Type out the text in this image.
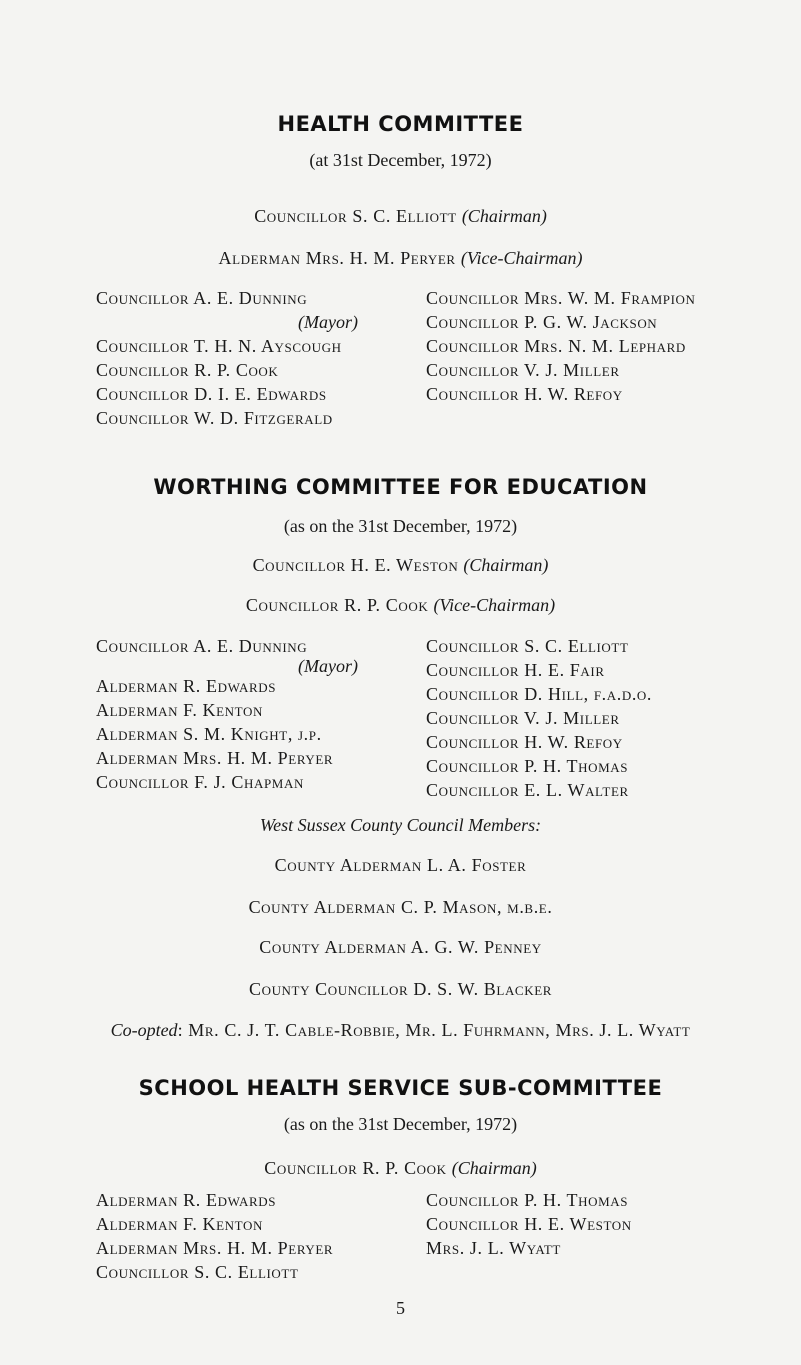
HEALTH COMMITTEE
(at 31st December, 1972)
Councillor S. C. Elliott (Chairman)
Alderman Mrs. H. M. Peryer (Vice-Chairman)
Councillor A. E. Dunning
(Mayor)
Councillor T. H. N. Ayscough
Councillor R. P. Cook
Councillor D. I. E. Edwards
Councillor W. D. Fitzgerald
Councillor Mrs. W. M. Frampion
Councillor P. G. W. Jackson
Councillor Mrs. N. M. Lephard
Councillor V. J. Miller
Councillor H. W. Refoy
WORTHING COMMITTEE FOR EDUCATION
(as on the 31st December, 1972)
Councillor H. E. Weston (Chairman)
Councillor R. P. Cook (Vice-Chairman)
Councillor A. E. Dunning
(Mayor)
Alderman R. Edwards
Alderman F. Kenton
Alderman S. M. Knight, j.p.
Alderman Mrs. H. M. Peryer
Councillor F. J. Chapman
Councillor S. C. Elliott
Councillor H. E. Fair
Councillor D. Hill, f.a.d.o.
Councillor V. J. Miller
Councillor H. W. Refoy
Councillor P. H. Thomas
Councillor E. L. Walter
West Sussex County Council Members:
County Alderman L. A. Foster
County Alderman C. P. Mason, m.b.e.
County Alderman A. G. W. Penney
County Councillor D. S. W. Blacker
Co-opted: Mr. C. J. T. Cable-Robbie, Mr. L. Fuhrmann, Mrs. J. L. Wyatt
SCHOOL HEALTH SERVICE SUB-COMMITTEE
(as on the 31st December, 1972)
Councillor R. P. Cook (Chairman)
Alderman R. Edwards
Alderman F. Kenton
Alderman Mrs. H. M. Peryer
Councillor S. C. Elliott
Councillor P. H. Thomas
Councillor H. E. Weston
Mrs. J. L. Wyatt
5
